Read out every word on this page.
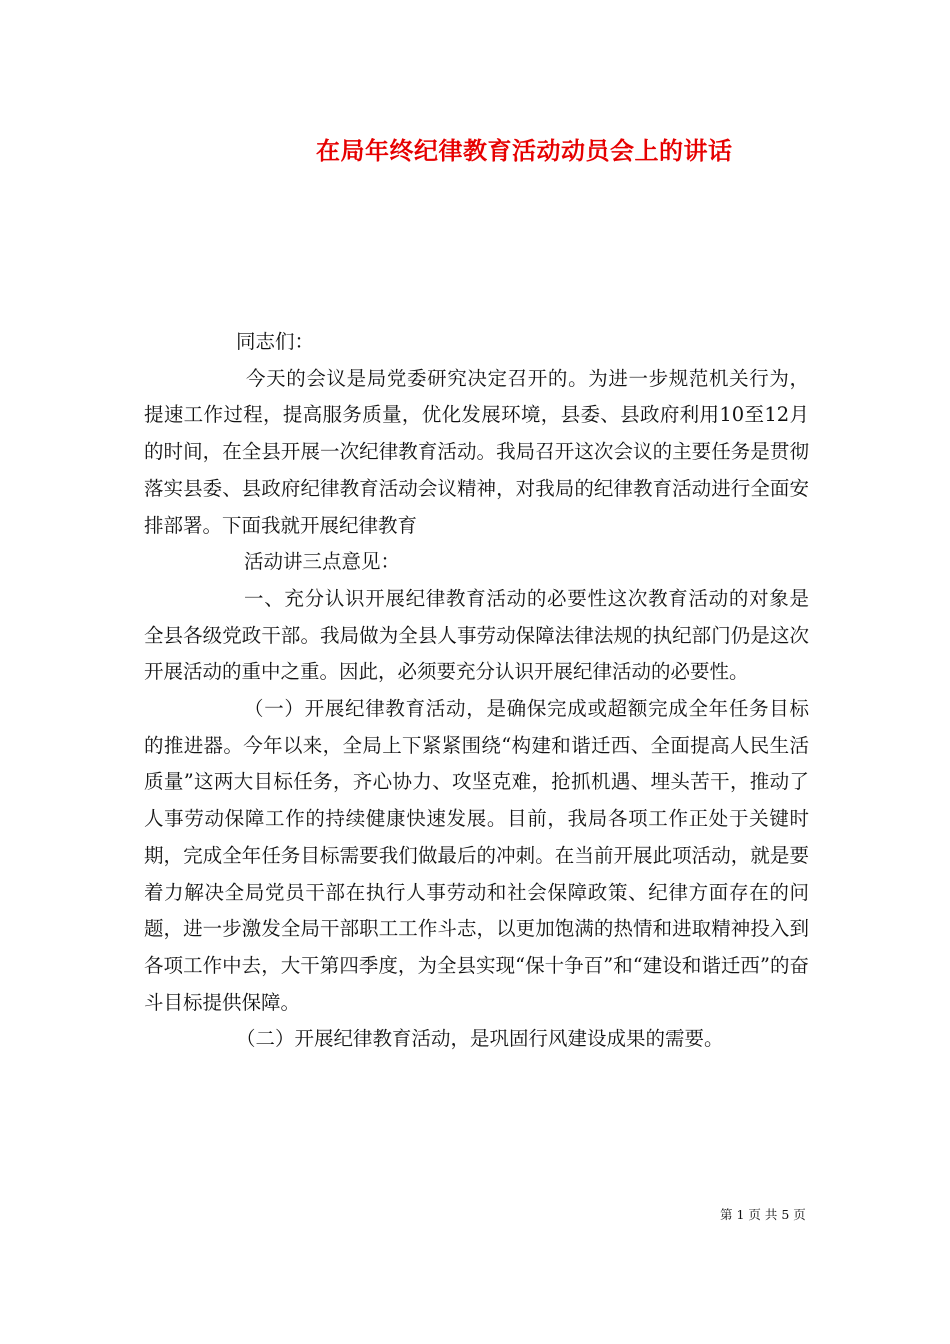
在局年终纪律教育活动动员会上的讲话

同志们：

今天的会议是局党委研究决定召开的。为进一步规范机关行为，提速工作过程，提高服务质量，优化发展环境，县委、县政府利用10至12月的时间，在全县开展一次纪律教育活动。我局召开这次会议的主要任务是贯彻落实县委、县政府纪律教育活动会议精神，对我局的纪律教育活动进行全面安排部署。下面我就开展纪律教育

活动讲三点意见：

一、充分认识开展纪律教育活动的必要性这次教育活动的对象是全县各级党政干部。我局做为全县人事劳动保障法律法规的执纪部门仍是这次开展活动的重中之重。因此，必须要充分认识开展纪律活动的必要性。

（一）开展纪律教育活动，是确保完成或超额完成全年任务目标的推进器。今年以来，全局上下紧紧围绕“构建和谐迁西、全面提高人民生活质量”这两大目标任务，齐心协力、攻坚克难，抢抓机遇、埋头苦干，推动了人事劳动保障工作的持续健康快速发展。目前，我局各项工作正处于关键时期，完成全年任务目标需要我们做最后的冲刺。在当前开展此项活动，就是要着力解决全局党员干部在执行人事劳动和社会保障政策、纪律方面存在的问题，进一步激发全局干部职工工作斗志，以更加饱满的热情和进取精神投入到各项工作中去，大干第四季度，为全县实现“保十争百”和“建设和谐迁西”的奋斗目标提供保障。

（二）开展纪律教育活动，是巩固行风建设成果的需要。

第 1 页 共 5 页
